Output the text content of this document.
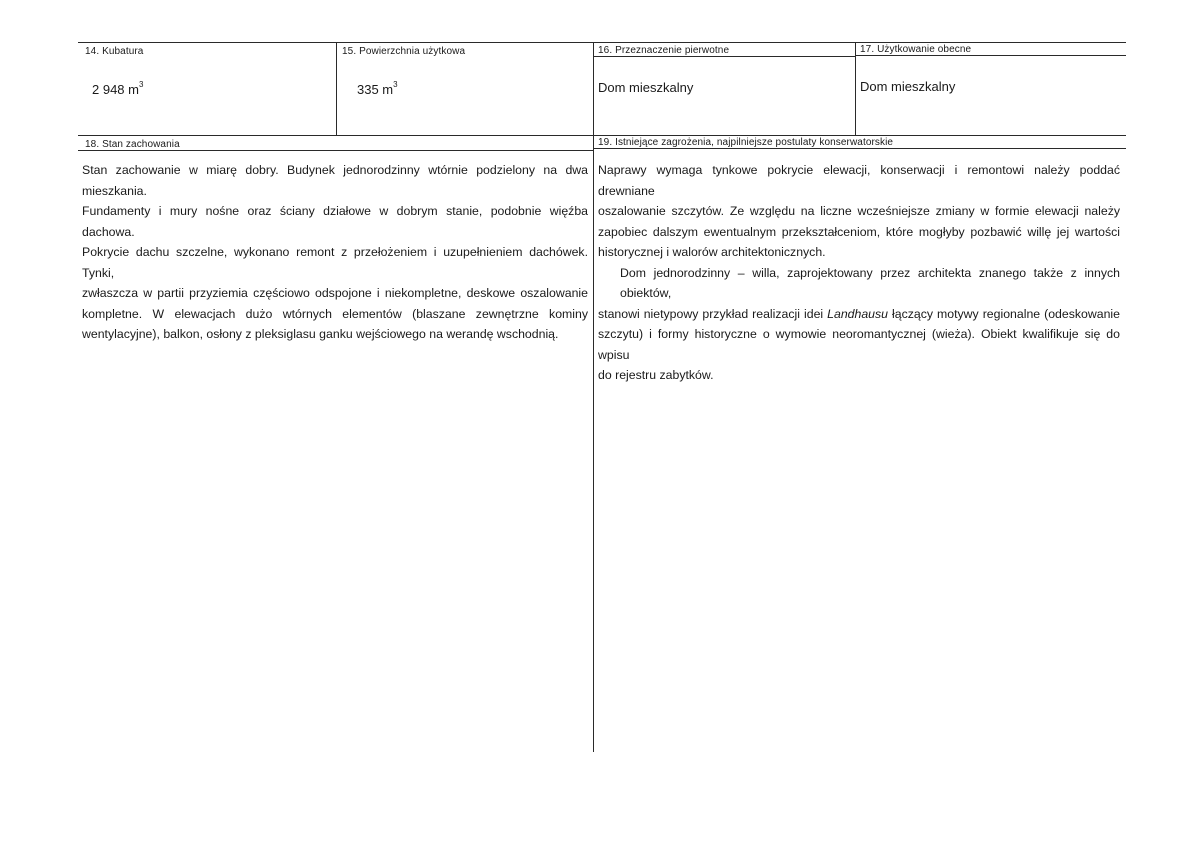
14. Kubatura	15. Powierzchnia użytkowa	16. Przeznaczenie pierwotne	17. Użytkowanie obecne
2 948 $m^3$	335 $m^3$	Dom mieszkalny	Dom mieszkalny
18. Stan zachowania	19. Istniejące zagrożenia, najpilniejsze postulaty konserwatorskie
Stan zachowanie w miarę dobry. Budynek jednorodzinny wtórnie podzielony na dwa mieszkania.
Fundamenty i mury nośne oraz ściany działowe w dobrym stanie, podobnie więźba dachowa.
Pokrycie dachu szczelne, wykonano remont z przełożeniem i uzupełnieniem dachówek. Tynki,
zwłaszcza w partii przyziemia częściowo odspojone i niekompletne, deskowe oszalowanie
kompletne. W elewacjach dużo wtórnych elementów (blaszane zewnętrzne kominy
wentylacyjne), balkon, osłony z pleksiglasu ganku wejściowego na werandę wschodnią.
Naprawy wymaga tynkowe pokrycie elewacji, konserwacji i remontowi należy poddać drewniane
oszalowanie szczytów. Ze względu na liczne wcześniejsze zmiany w formie elewacji należy
zapobiec dalszym ewentualnym przekształceniom, które mogłyby pozbawić willę jej wartości
historycznej i walorów architektonicznych.
Dom jednorodzinny – willa, zaprojektowany przez architekta znanego także z innych obiektów,
stanowi nietypowy przykład realizacji idei Landhausu łączący motywy regionalne (odeskowanie
szczytu) i formy historyczne o wymowie neoromantycznej (wieża). Obiekt kwalifikuje się do wpisu
do rejestru zabytków.
